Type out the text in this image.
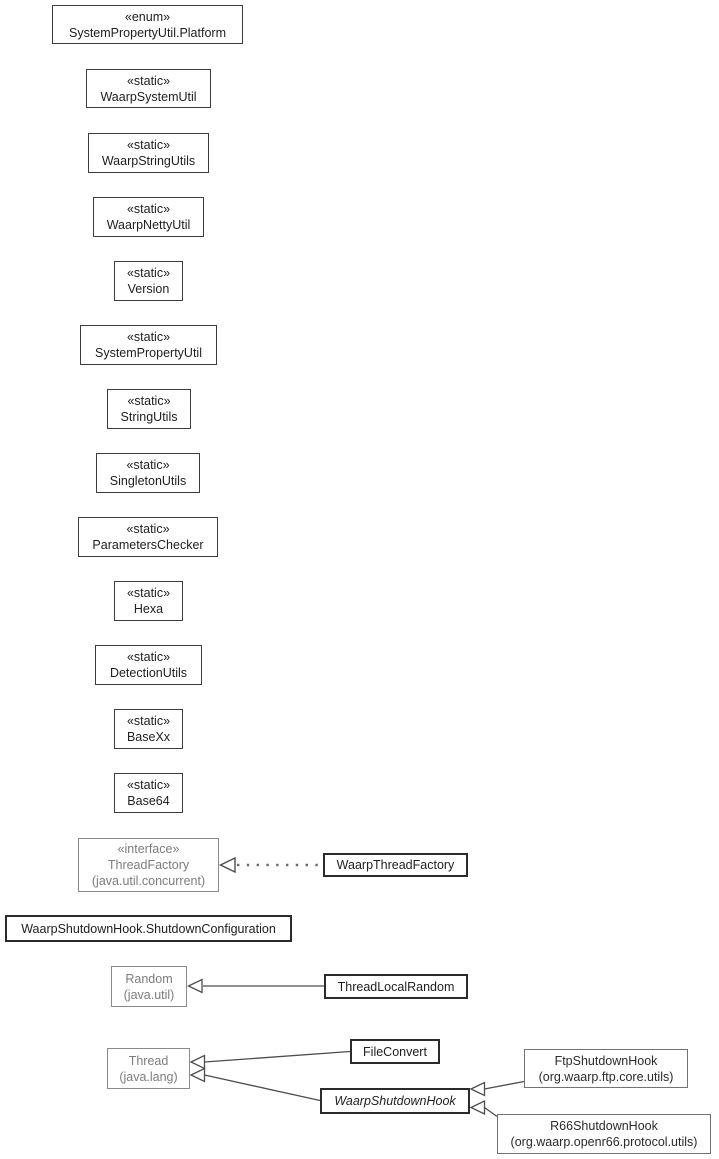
«enum»
SystemPropertyUtil.Platform
«static»
WaarpSystemUtil
«static»
WaarpStringUtils
«static»
WaarpNettyUtil
«static»
Version
«static»
SystemPropertyUtil
«static»
StringUtils
«static»
SingletonUtils
«static»
ParametersChecker
«static»
Hexa
«static»
DetectionUtils
«static»
BaseXx
«static»
Base64
«interface»
ThreadFactory
(java.util.concurrent)
WaarpThreadFactory
WaarpShutdownHook.ShutdownConfiguration
Random
(java.util)
ThreadLocalRandom
Thread
(java.lang)
FileConvert
WaarpShutdownHook
FtpShutdownHook
(org.waarp.ftp.core.utils)
R66ShutdownHook
(org.waarp.openr66.protocol.utils)
